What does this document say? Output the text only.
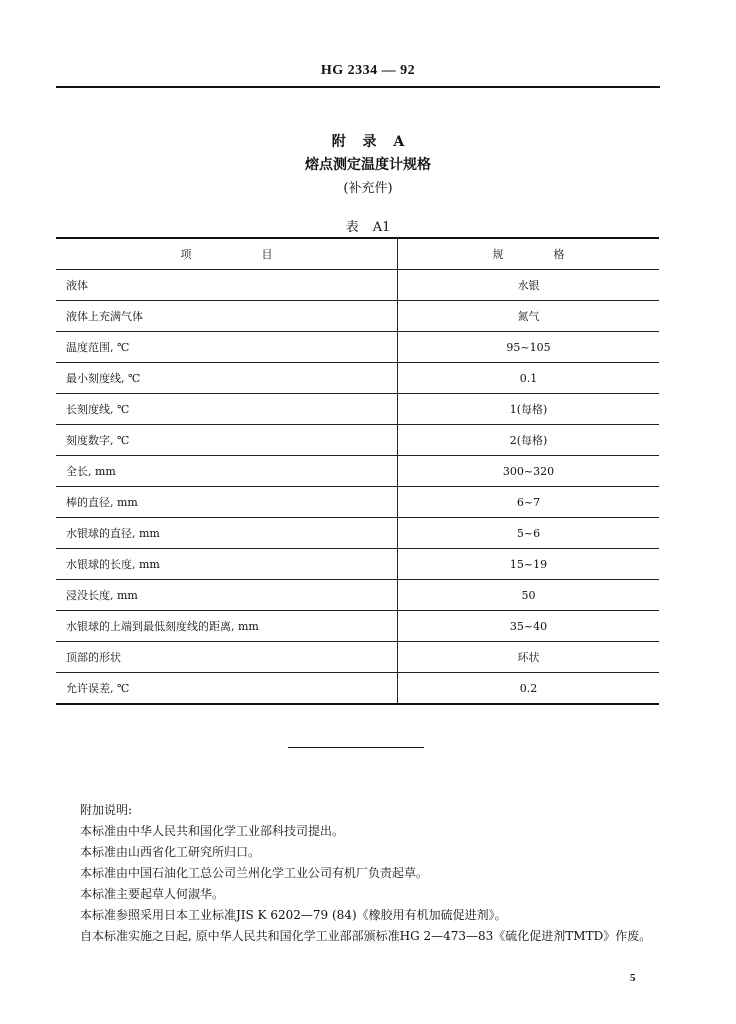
HG 2334 — 92
附 录 A
熔点测定温度计规格
(补充件)
表 A1
项目	规格
液体	水银
液体上充满气体	氮气
温度范围, ℃	95~105
最小刻度线, ℃	0.1
长刻度线, ℃	1(每格)
刻度数字, ℃	2(每格)
全长, mm	300~320
棒的直径, mm	6~7
水银球的直径, mm	5~6
水银球的长度, mm	15~19
浸没长度, mm	50
水银球的上端到最低刻度线的距离, mm	35~40
顶部的形状	环状
允许误差, ℃	0.2

附加说明:

本标准由中华人民共和国化学工业部科技司提出。

本标准由山西省化工研究所归口。

本标准由中国石油化工总公司兰州化学工业公司有机厂负责起草。

本标准主要起草人何淑华。

本标准参照采用日本工业标准JIS K 6202—79 (84)《橡胶用有机加硫促进剂》。

自本标准实施之日起, 原中华人民共和国化学工业部部颁标准HG 2—473—83《硫化促进剂TMTD》作废。

5
